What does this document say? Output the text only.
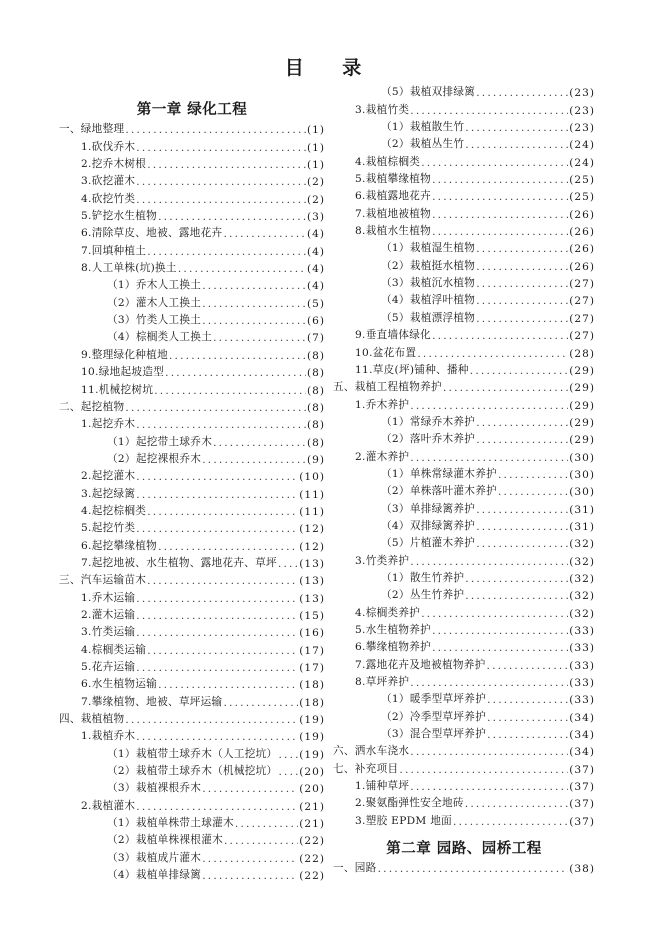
目 录
第一章 绿化工程
一、绿地整理 .....	(1)
1.砍伐乔木 .....	(1)
2.挖乔木树根 .....	(1)
3.砍挖灌木 .....	(2)
4.砍挖竹类 .....	(2)
5.铲挖水生植物 .....	(3)
6.清除草皮、地被、露地花卉 .....	(4)
7.回填种植土 .....	(4)
8.人工单株(坑)换土 .....	(4)
（1）乔木人工换土 .....	(4)
（2）灌木人工换土 .....	(5)
（3）竹类人工换土 .....	(6)
（4）棕榈类人工换土 .....	(7)
9.整理绿化种植地 .....	(8)
10.绿地起坡造型 .....	(8)
11.机械挖树坑 .....	(8)
二、起挖植物 .....	(8)
1.起挖乔木 .....	(8)
（1）起挖带土球乔木 .....	(8)
（2）起挖裸根乔木 .....	(9)
2.起挖灌木 .....	(10)
3.起挖绿篱 .....	(11)
4.起挖棕榈类 .....	(11)
5.起挖竹类 .....	(12)
6.起挖攀缘植物 .....	(12)
7.起挖地被、水生植物、露地花卉、草坪 ..... (13)
三、汽车运输苗木 .....	(13)
1.乔木运输 .....	(13)
2.灌木运输 .....	(15)
3.竹类运输 .....	(16)
4.棕榈类运输 .....	(17)
5.花卉运输 .....	(17)
6.水生植物运输 .....	(18)
7.攀缘植物、地被、草坪运输 .....	(18)
四、栽植植物 .....	(19)
1.栽植乔木 .....	(19)
（1）栽植带土球乔木（人工挖坑） ..... (19)
（2）栽植带土球乔木（机械挖坑） ..... (20)
（3）栽植裸根乔木 .....	(20)
2.栽植灌木 .....	(21)
（1）栽植单株带土球灌木 .....	(21)
（2）栽植单株裸根灌木 .....	(22)
（3）栽植成片灌木 .....	(22)
（4）栽植单排绿篱 .....	(22)
（5）栽植双排绿篱 .....	(23)
3.栽植竹类 .....	(23)
（1）栽植散生竹 .....	(23)
（2）栽植丛生竹 .....	(24)
4.栽植棕榈类 .....	(24)
5.栽植攀缘植物 .....	(25)
6.栽植露地花卉 .....	(25)
7.栽植地被植物 .....	(26)
8.栽植水生植物 .....	(26)
（1）栽植湿生植物 .....	(26)
（2）栽植挺水植物 .....	(26)
（3）栽植沉水植物 .....	(27)
（4）栽植浮叶植物 .....	(27)
（5）栽植漂浮植物 .....	(27)
9.垂直墙体绿化 .....	(27)
10.盆花布置 .....	(28)
11.草皮(坪)铺种、播种 .....	(29)
五、栽植工程植物养护 .....	(29)
1.乔木养护 .....	(29)
（1）常绿乔木养护 .....	(29)
（2）落叶乔木养护 .....	(29)
2.灌木养护 .....	(30)
（1）单株常绿灌木养护 .....	(30)
（2）单株落叶灌木养护 .....	(30)
（3）单排绿篱养护 .....	(31)
（4）双排绿篱养护 .....	(31)
（5）片植灌木养护 .....	(32)
3.竹类养护 .....	(32)
（1）散生竹养护 .....	(32)
（2）丛生竹养护 .....	(32)
4.棕榈类养护 .....	(32)
5.水生植物养护 .....	(33)
6.攀缘植物养护 .....	(33)
7.露地花卉及地被植物养护 .....	(33)
8.草坪养护 .....	(33)
（1）暖季型草坪养护 .....	(33)
（2）冷季型草坪养护 .....	(34)
（3）混合型草坪养护 .....	(34)
六、洒水车浇水 .....	(34)
七、补充项目 .....	(37)
1.铺种草坪 .....	(37)
2.聚氨酯弹性安全地砖 .....	(37)
3.塑胶 EPDM 地面 .....	(37)
第二章 园路、园桥工程
一、园路 .....	(38)
